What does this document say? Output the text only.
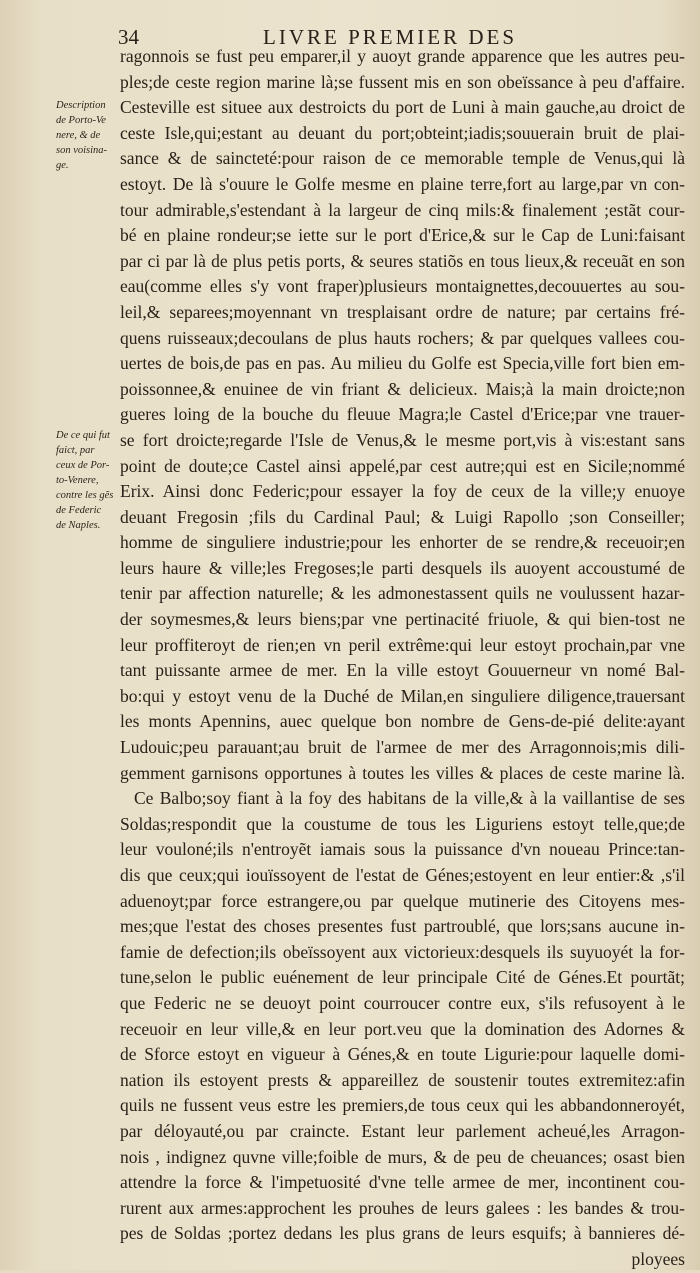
34	LIVRE PREMIER DES
Description
de Porto-Ve
nere, & de
son voisina-
ge.
De ce qui fut
faict, par
ceux de Por-
to-Venere,
contre les gẽs
de Federic
de Naples.
ragonnois se fust peu emparer,il y auoyt grande apparence que les autres peu-
ples;de ceste region marine là;se fussent mis en son obeïssance à peu d'affaire.
Cesteville est situee aux destroicts du port de Luni à main gauche,au droict de
ceste Isle,qui;estant au deuant du port;obteint;iadis;souuerain bruit de plai-
sance & de saincteté:pour raison de ce memorable temple de Venus,qui là
estoyt. De là s'ouure le Golfe mesme en plaine terre,fort au large,par vn con-
tour admirable,s'estendant à la largeur de cinq mils:& finalement ;estãt cour-
bé en plaine rondeur;se iette sur le port d'Erice,& sur le Cap de Luni:faisant
par ci par là de plus petis ports, & seures statiõs en tous lieux,& receuãt en son
eau(comme elles s'y vont fraper)plusieurs montaignettes,decouuertes au sou-
leil,& separees;moyennant vn tresplaisant ordre de nature; par certains fré-
quens ruisseaux;decoulans de plus hauts rochers; & par quelques vallees cou-
uertes de bois,de pas en pas. Au milieu du Golfe est Specia,ville fort bien em-
poissonnee,& enuinee de vin friant & delicieux. Mais;à la main droicte;non
gueres loing de la bouche du fleuue Magra;le Castel d'Erice;par vne trauer-
se fort droicte;regarde l'Isle de Venus,& le mesme port,vis à vis:estant sans
point de doute;ce Castel ainsi appelé,par cest autre;qui est en Sicile;nommé
Erix. Ainsi donc Federic;pour essayer la foy de ceux de la ville;y enuoye
deuant Fregosin ;fils du Cardinal Paul; & Luigi Rapollo ;son Conseiller;
homme de singuliere industrie;pour les enhorter de se rendre,& receuoir;en
leurs haure & ville;les Fregoses;le parti desquels ils auoyent accoustumé de
tenir par affection naturelle; & les admonestassent quils ne voulussent hazar-
der soymesmes,& leurs biens;par vne pertinacité friuole, & qui bien-tost ne
leur proffiteroyt de rien;en vn peril extrême:qui leur estoyt prochain,par vne
tant puissante armee de mer. En la ville estoyt Gouuerneur vn nomé Bal-
bo:qui y estoyt venu de la Duché de Milan,en singuliere diligence,trauersant
les monts Apennins, auec quelque bon nombre de Gens-de-pié delite:ayant
Ludouic;peu parauant;au bruit de l'armee de mer des Arragonnois;mis dili-
gemment garnisons opportunes à toutes les villes & places de ceste marine là.
Ce Balbo;soy fiant à la foy des habitans de la ville,& à la vaillantise de ses
Soldas;respondit que la coustume de tous les Liguriens estoyt telle,que;de
leur vouloné;ils n'entroyẽt iamais sous la puissance d'vn noueau Prince:tan-
dis que ceux;qui iouïssoyent de l'estat de Génes;estoyent en leur entier:& ,s'il
aduenoyt;par force estrangere,ou par quelque mutinerie des Citoyens mes-
mes;que l'estat des choses presentes fust partroublé, que lors;sans aucune in-
famie de defection;ils obeïssoyent aux victorieux:desquels ils suyuoyét la for-
tune,selon le public euénement de leur principale Cité de Génes.Et pourtãt;
que Federic ne se deuoyt point courroucer contre eux, s'ils refusoyent à le
receuoir en leur ville,& en leur port.veu que la domination des Adornes &
de Sforce estoyt en vigueur à Génes,& en toute Ligurie:pour laquelle domi-
nation ils estoyent prests & appareillez de soustenir toutes extremitez:afin
quils ne fussent veus estre les premiers,de tous ceux qui les abbandonneroyét,
par déloyauté,ou par craincte. Estant leur parlement acheué,les Arragon-
nois , indignez quvne ville;foible de murs, & de peu de cheuances; osast bien
attendre la force & l'impetuosité d'vne telle armee de mer, incontinent cou-
rurent aux armes:approchent les prouhes de leurs galees : les bandes & trou-
pes de Soldas ;portez dedans les plus grans de leurs esquifs; à bannieres dé-
ployees
